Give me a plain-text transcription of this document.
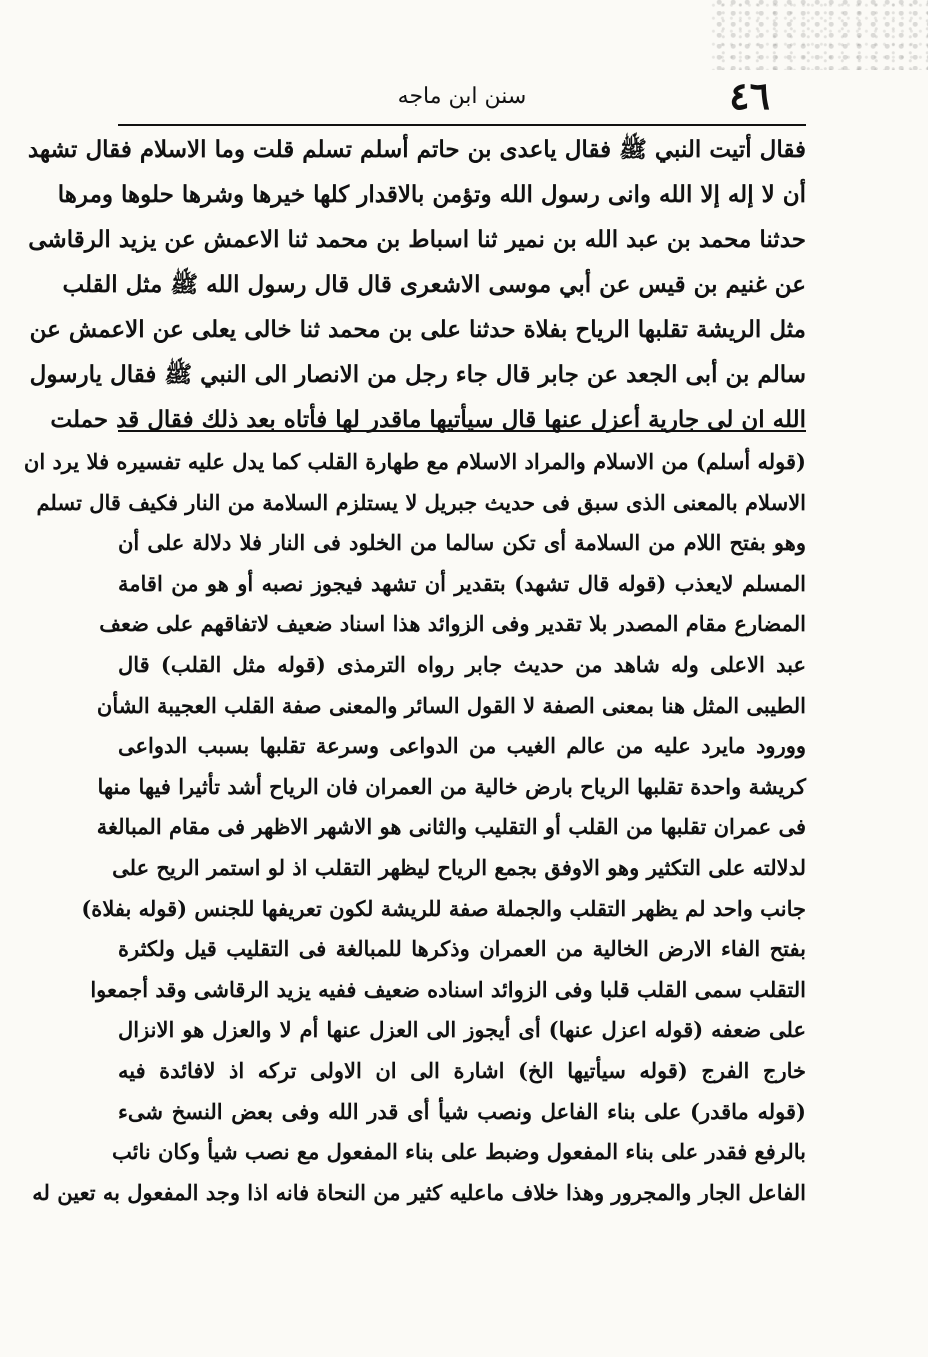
٤٦
سنن ابن ماجه
فقال أتيت النبي ﷺ فقال ياعدى بن حاتم أسلم تسلم قلت وما الاسلام فقال تشهد
أن لا إله إلا الله وانى رسول الله وتؤمن بالاقدار كلها خيرها وشرها حلوها ومرها
حدثنا محمد بن عبد الله بن نمير ثنا اسباط بن محمد ثنا الاعمش عن يزيد الرقاشى
عن غنيم بن قيس عن أبي موسى الاشعرى قال قال رسول الله ﷺ مثل القلب
مثل الريشة تقلبها الرياح بفلاة حدثنا على بن محمد ثنا خالى يعلى عن الاعمش عن
سالم بن أبى الجعد عن جابر قال جاء رجل من الانصار الى النبي ﷺ فقال يارسول
الله ان لى جارية أعزل عنها قال سيأتيها ماقدر لها فأتاه بعد ذلك فقال قد حملت
(قوله أسلم) من الاسلام والمراد الاسلام مع طهارة القلب كما يدل عليه تفسيره فلا يرد ان
الاسلام بالمعنى الذى سبق فى حديث جبريل لا يستلزم السلامة من النار فكيف قال تسلم
وهو بفتح اللام من السلامة أى تكن سالما من الخلود فى النار فلا دلالة على أن
المسلم لايعذب (قوله قال تشهد) بتقدير أن تشهد فيجوز نصبه أو هو من اقامة
المضارع مقام المصدر بلا تقدير وفى الزوائد هذا اسناد ضعيف لاتفاقهم على ضعف
عبد الاعلى وله شاهد من حديث جابر رواه الترمذى (قوله مثل القلب) قال
الطيبى المثل هنا بمعنى الصفة لا القول السائر والمعنى صفة القلب العجيبة الشأن
وورود مايرد عليه من عالم الغيب من الدواعى وسرعة تقلبها بسبب الدواعى
كريشة واحدة تقلبها الرياح بارض خالية من العمران فان الرياح أشد تأثيرا فيها منها
فى عمران تقلبها من القلب أو التقليب والثانى هو الاشهر الاظهر فى مقام المبالغة
لدلالته على التكثير وهو الاوفق بجمع الرياح ليظهر التقلب اذ لو استمر الريح على
جانب واحد لم يظهر التقلب والجملة صفة للريشة لكون تعريفها للجنس (قوله بفلاة)
بفتح الفاء الارض الخالية من العمران وذكرها للمبالغة فى التقليب قيل ولكثرة
التقلب سمى القلب قلبا وفى الزوائد اسناده ضعيف ففيه يزيد الرقاشى وقد أجمعوا
على ضعفه (قوله اعزل عنها) أى أيجوز الى العزل عنها أم لا والعزل هو الانزال
خارج الفرج (قوله سيأتيها الخ) اشارة الى ان الاولى تركه اذ لافائدة فيه
(قوله ماقدر) على بناء الفاعل ونصب شيأ أى قدر الله وفى بعض النسخ شىء
بالرفع فقدر على بناء المفعول وضبط على بناء المفعول مع نصب شيأ وكان نائب
الفاعل الجار والمجرور وهذا خلاف ماعليه كثير من النحاة فانه اذا وجد المفعول به تعين له
